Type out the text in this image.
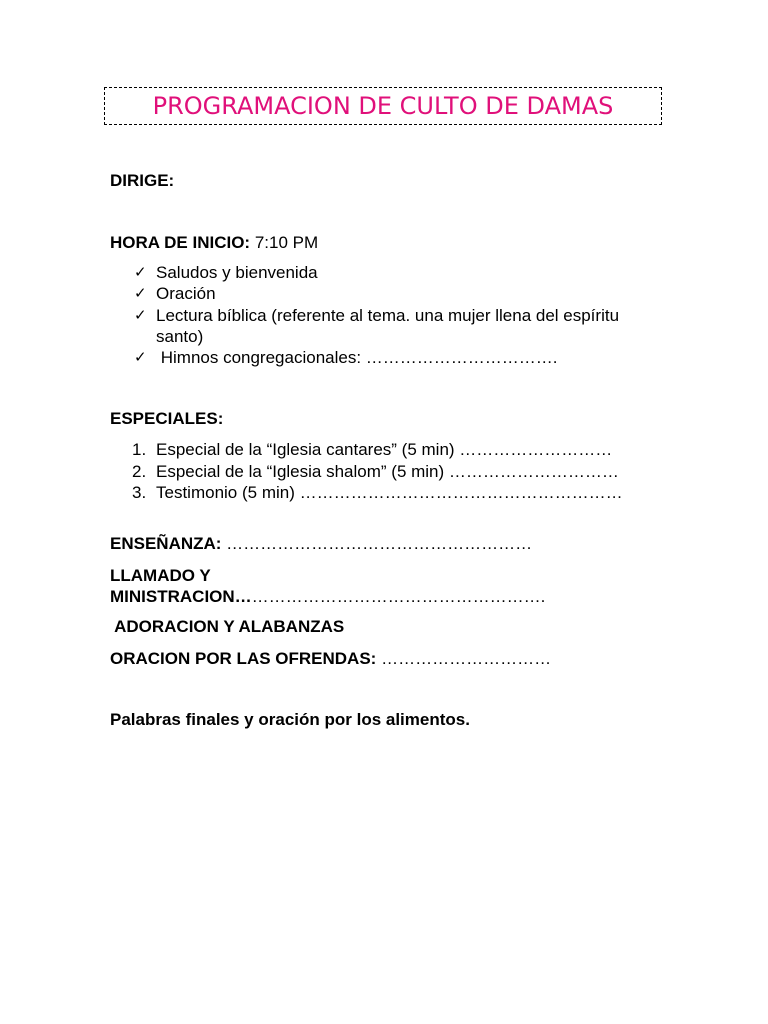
PROGRAMACION DE CULTO DE DAMAS
DIRIGE:
HORA DE INICIO: 7:10 PM
✓ Saludos y bienvenida
✓ Oración
✓ Lectura bíblica (referente al tema. una mujer llena del espíritu santo)
✓ Himnos congregacionales: …………………………….
ESPECIALES:
1. Especial de la “Iglesia cantares” (5 min) ………………………
2. Especial de la “Iglesia shalom” (5 min) …………………………
3. Testimonio (5 min) …………………………………………………
ENSEÑANZA: ………………………………………………
LLAMADO Y
MINISTRACION……………………………………………….
ADORACION Y ALABANZAS
ORACION POR LAS OFRENDAS: …………………………
Palabras finales y oración por los alimentos.
